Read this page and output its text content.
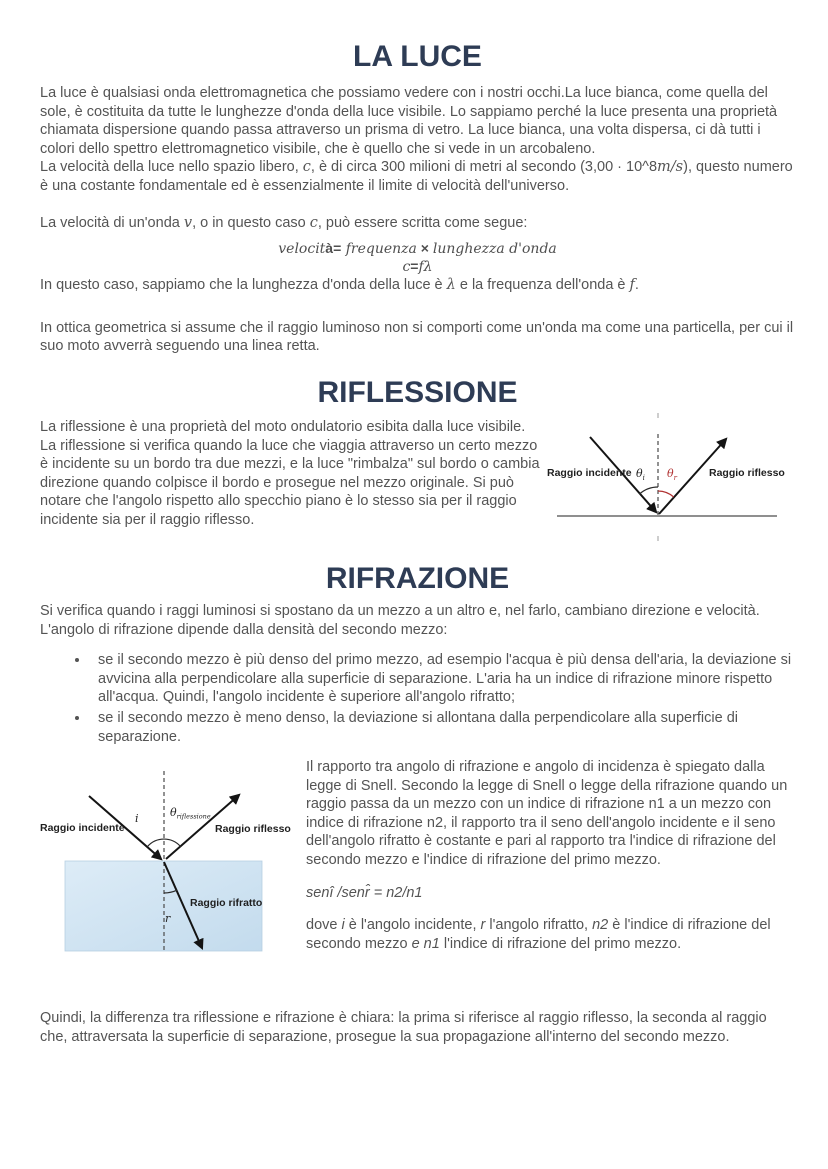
LA LUCE

La luce è qualsiasi onda elettromagnetica che possiamo vedere con i nostri occhi.La luce bianca, come quella del sole, è costituita da tutte le lunghezze d'onda della luce visibile. Lo sappiamo perché la luce presenta una proprietà chiamata dispersione quando passa attraverso un prisma di vetro. La luce bianca, una volta dispersa, ci dà tutti i colori dello spettro elettromagnetico visibile, che è quello che si vede in un arcobaleno.

La velocità della luce nello spazio libero, c, è di circa 300 milioni di metri al secondo (3,00 · 10^8m/s), questo numero è una costante fondamentale ed è essenzialmente il limite di velocità dell'universo.

La velocità di un'onda v, o in questo caso c, può essere scritta come segue:

velocità= frequenza × lunghezza d'onda
c=fλ

In questo caso, sappiamo che la lunghezza d'onda della luce è λ e la frequenza dell'onda è f.

In ottica geometrica si assume che il raggio luminoso non si comporti come un'onda ma come una particella, per cui il suo moto avverrà seguendo una linea retta.

RIFLESSIONE

La riflessione è una proprietà del moto ondulatorio esibita dalla luce visibile. La riflessione si verifica quando la luce che viaggia attraverso un certo mezzo è incidente su un bordo tra due mezzi, e la luce "rimbalza" sul bordo o cambia direzione quando colpisce il bordo e prosegue nel mezzo originale. Si può notare che l'angolo rispetto allo specchio piano è lo stesso sia per il raggio incidente sia per il raggio riflesso.

Raggio incidente $\theta_i$ $\theta_r$	Raggio riflesso
RIFRAZIONE

Si verifica quando i raggi luminosi si spostano da un mezzo a un altro e, nel farlo, cambiano direzione e velocità. L'angolo di rifrazione dipende dalla densità del secondo mezzo:

• se il secondo mezzo è più denso del primo mezzo, ad esempio l'acqua è più densa dell'aria, la deviazione si avvicina alla perpendicolare alla superficie di separazione. L'aria ha un indice di rifrazione minore rispetto all'acqua. Quindi, l'angolo incidente è superiore all'angolo rifratto;
• se il secondo mezzo è meno denso, la deviazione si allontana dalla perpendicolare alla superficie di separazione.
Raggio incidente
i	$\theta_{riflessione}$
Raggio riflesso
Raggio rifratto
r

Il rapporto tra angolo di rifrazione e angolo di incidenza è spiegato dalla legge di Snell. Secondo la legge di Snell o legge della rifrazione quando un raggio passa da un mezzo con un indice di rifrazione n1 a un mezzo con indice di rifrazione n2, il rapporto tra il seno dell'angolo incidente e il seno dell'angolo rifratto è costante e pari al rapporto tra l'indice di rifrazione del secondo mezzo e l'indice di rifrazione del primo mezzo.

senî /senr̂ = n2/n1

dove i è l'angolo incidente, r l'angolo rifratto, n2 è l'indice di rifrazione del secondo mezzo e n1 l'indice di rifrazione del primo mezzo.

Quindi, la differenza tra riflessione e rifrazione è chiara: la prima si riferisce al raggio riflesso, la seconda al raggio che, attraversata la superficie di separazione, prosegue la sua propagazione all'interno del secondo mezzo.
